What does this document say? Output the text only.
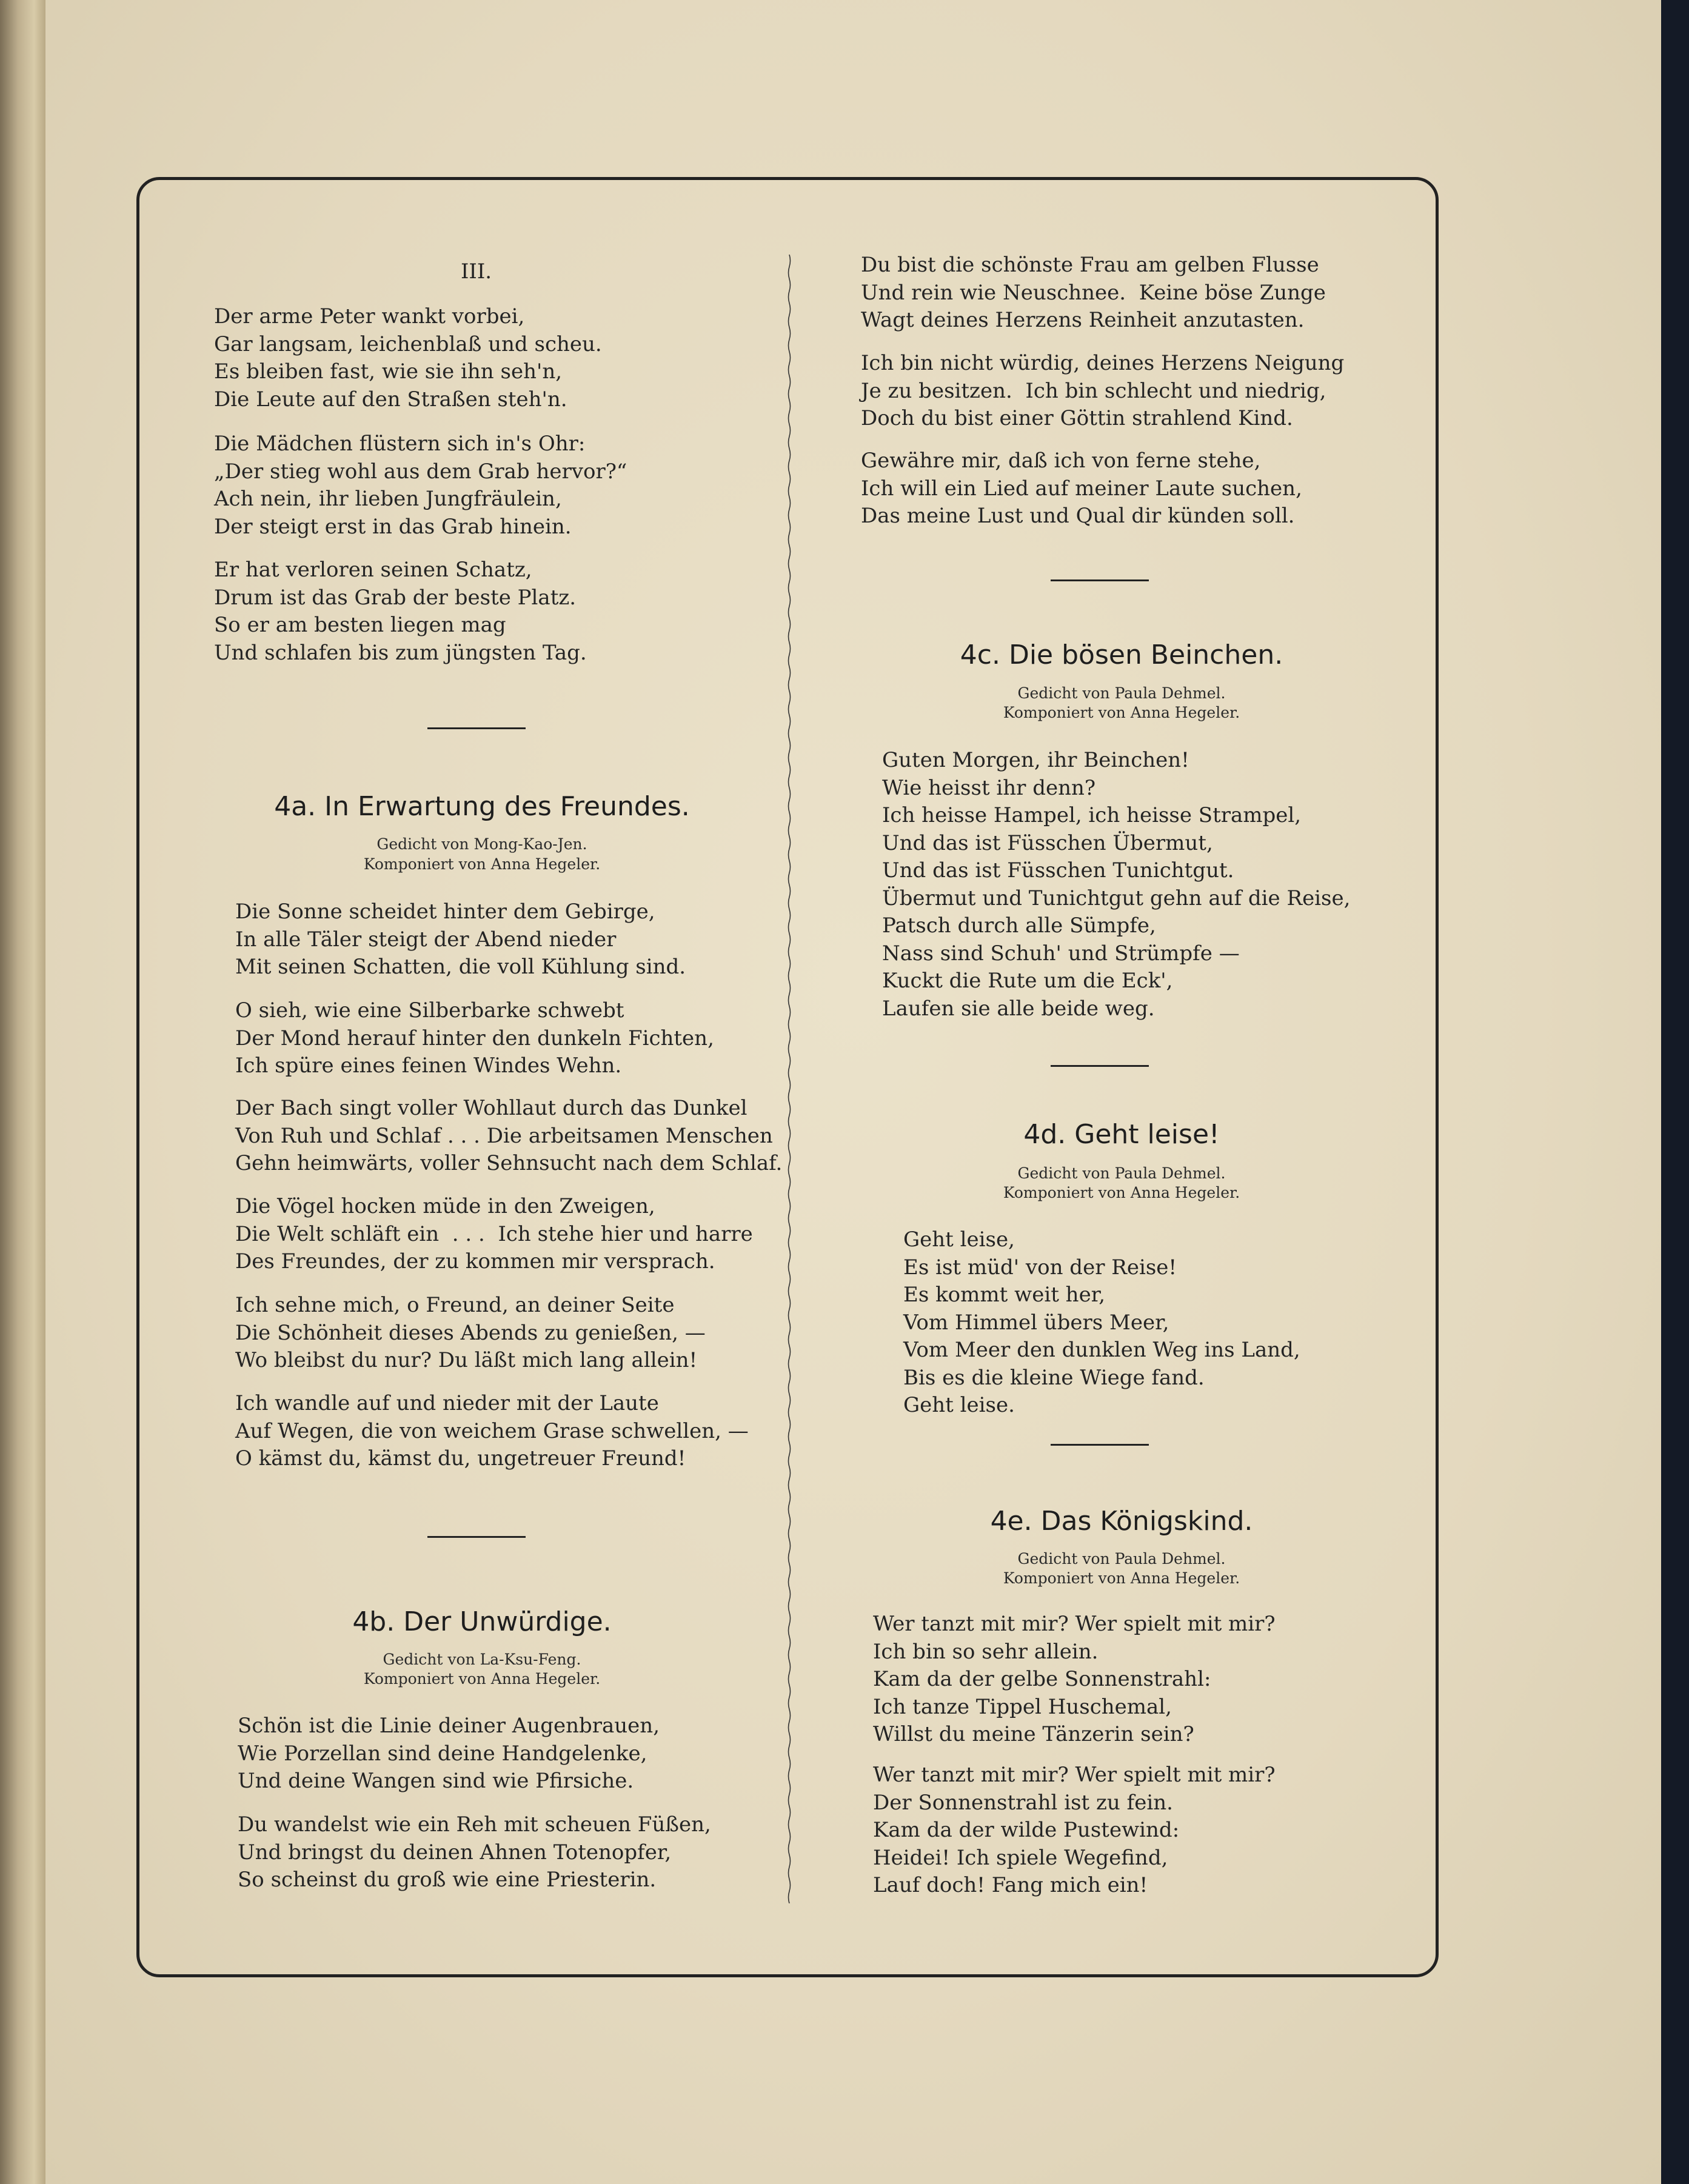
III.
Der arme Peter wankt vorbei,
Gar langsam, leichenblaß und scheu.
Es bleiben fast, wie sie ihn seh'n,
Die Leute auf den Straßen steh'n.
Die Mädchen flüstern sich in's Ohr:
„Der stieg wohl aus dem Grab hervor?“
Ach nein, ihr lieben Jungfräulein,
Der steigt erst in das Grab hinein.
Er hat verloren seinen Schatz,
Drum ist das Grab der beste Platz.
So er am besten liegen mag
Und schlafen bis zum jüngsten Tag.
4a. In Erwartung des Freundes.
Gedicht von Mong-Kao-Jen.
Komponiert von Anna Hegeler.
Die Sonne scheidet hinter dem Gebirge,
In alle Täler steigt der Abend nieder
Mit seinen Schatten, die voll Kühlung sind.
O sieh, wie eine Silberbarke schwebt
Der Mond herauf hinter den dunkeln Fichten,
Ich spüre eines feinen Windes Wehn.
Der Bach singt voller Wohllaut durch das Dunkel
Von Ruh und Schlaf . . . Die arbeitsamen Menschen
Gehn heimwärts, voller Sehnsucht nach dem Schlaf.
Die Vögel hocken müde in den Zweigen,
Die Welt schläft ein  . . .  Ich stehe hier und harre
Des Freundes, der zu kommen mir versprach.
Ich sehne mich, o Freund, an deiner Seite
Die Schönheit dieses Abends zu genießen, —
Wo bleibst du nur? Du läßt mich lang allein!
Ich wandle auf und nieder mit der Laute
Auf Wegen, die von weichem Grase schwellen, —
O kämst du, kämst du, ungetreuer Freund!
4b. Der Unwürdige.
Gedicht von La-Ksu-Feng.
Komponiert von Anna Hegeler.
Schön ist die Linie deiner Augenbrauen,
Wie Porzellan sind deine Handgelenke,
Und deine Wangen sind wie Pfirsiche.
Du wandelst wie ein Reh mit scheuen Füßen,
Und bringst du deinen Ahnen Totenopfer,
So scheinst du groß wie eine Priesterin.
Du bist die schönste Frau am gelben Flusse
Und rein wie Neuschnee.  Keine böse Zunge
Wagt deines Herzens Reinheit anzutasten.
Ich bin nicht würdig, deines Herzens Neigung
Je zu besitzen.  Ich bin schlecht und niedrig,
Doch du bist einer Göttin strahlend Kind.
Gewähre mir, daß ich von ferne stehe,
Ich will ein Lied auf meiner Laute suchen,
Das meine Lust und Qual dir künden soll.
4c. Die bösen Beinchen.
Gedicht von Paula Dehmel.
Komponiert von Anna Hegeler.
Guten Morgen, ihr Beinchen!
Wie heisst ihr denn?
Ich heisse Hampel, ich heisse Strampel,
Und das ist Füsschen Übermut,
Und das ist Füsschen Tunichtgut.
Übermut und Tunichtgut gehn auf die Reise,
Patsch durch alle Sümpfe,
Nass sind Schuh' und Strümpfe —
Kuckt die Rute um die Eck',
Laufen sie alle beide weg.
4d. Geht leise!
Gedicht von Paula Dehmel.
Komponiert von Anna Hegeler.
Geht leise,
Es ist müd' von der Reise!
Es kommt weit her,
Vom Himmel übers Meer,
Vom Meer den dunklen Weg ins Land,
Bis es die kleine Wiege fand.
Geht leise.
4e. Das Königskind.
Gedicht von Paula Dehmel.
Komponiert von Anna Hegeler.
Wer tanzt mit mir? Wer spielt mit mir?
Ich bin so sehr allein.
Kam da der gelbe Sonnenstrahl:
Ich tanze Tippel Huschemal,
Willst du meine Tänzerin sein?
Wer tanzt mit mir? Wer spielt mit mir?
Der Sonnenstrahl ist zu fein.
Kam da der wilde Pustewind:
Heidei! Ich spiele Wegefind,
Lauf doch! Fang mich ein!
